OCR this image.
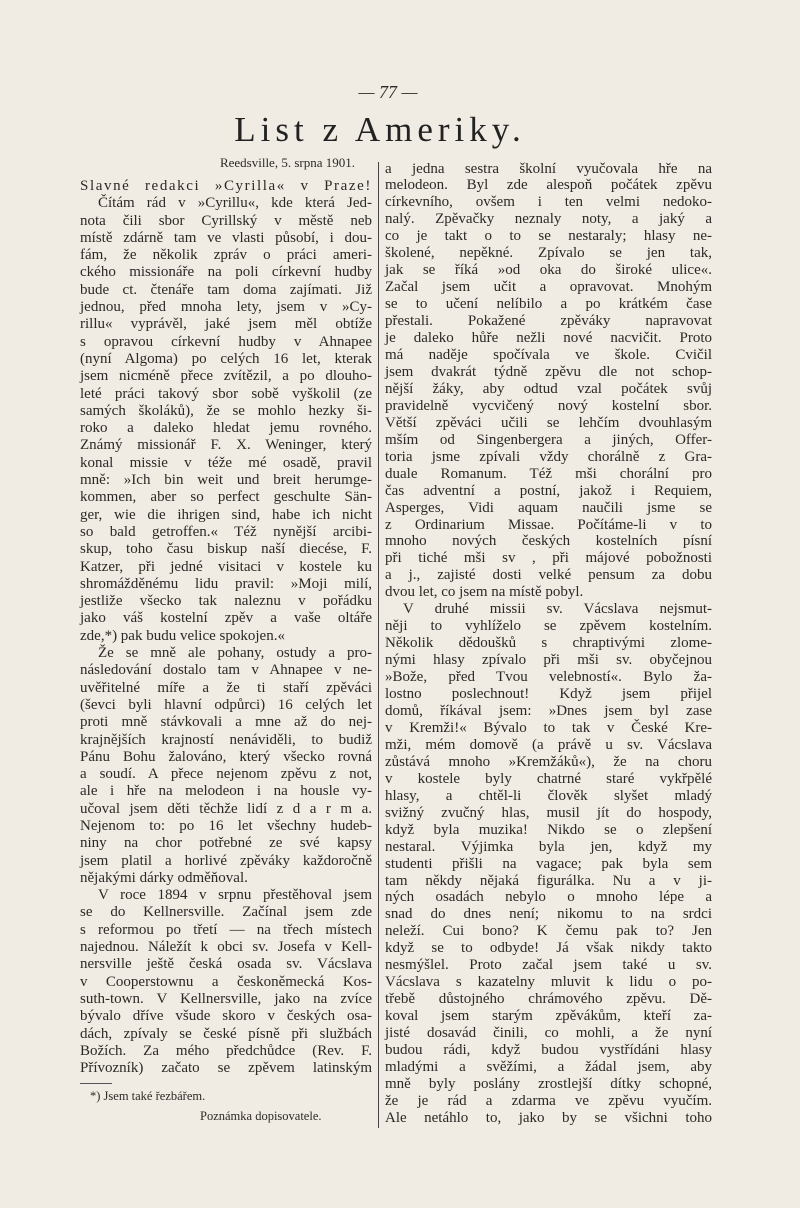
— 77 —
List z Ameriky.
Reedsville, 5. srpna 1901.
Slavné redakci »Cyrilla« v Praze!
Čítám rád v »Cyrillu«, kde která Jed-
nota čili sbor Cyrillský v městě neb
místě zdárně tam ve vlasti působí, i dou-
fám, že několik zpráv o práci ameri-
ckého missionáře na poli církevní hudby
bude ct. čtenáře tam doma zajímati. Již
jednou, před mnoha lety, jsem v »Cy-
rillu« vyprávěl, jaké jsem měl obtíže
s opravou církevní hudby v Ahnapee
(nyní Algoma) po celých 16 let, kterak
jsem nicméně přece zvítězil, a po dlouho-
leté práci takový sbor sobě vyškolil (ze
samých školáků), že se mohlo hezky ši-
roko a daleko hledat jemu rovného.
Známý missionář F. X. Weninger, který
konal missie v téže mé osadě, pravil
mně: »Ich bin weit und breit herumge-
kommen, aber so perfect geschulte Sän-
ger, wie die ihrigen sind, habe ich nicht
so bald getroffen.« Též nynější arcibi-
skup, toho času biskup naší diecése, F.
Katzer, při jedné visitaci v kostele ku
shromážděnému lidu pravil: »Moji milí,
jestliže všecko tak naleznu v pořádku
jako váš kostelní zpěv a vaše oltáře
zde,*) pak budu velice spokojen.«
Že se mně ale pohany, ostudy a pro-
následování dostalo tam v Ahnapee v ne-
uvěřitelné míře a že ti staří zpěváci
(ševci byli hlavní odpůrci) 16 celých let
proti mně stávkovali a mne až do nej-
krajnějších krajností nenáviděli, to budiž
Pánu Bohu žalováno, který všecko rovná
a soudí. A přece nejenom zpěvu z not,
ale i hře na melodeon i na housle vy-
učoval jsem děti těchže lidí z d a r m a.
Nejenom to: po 16 let všechny hudeb-
niny na chor potřebné ze své kapsy
jsem platil a horlivé zpěváky každoročně
nějakými dárky odměňoval.
V roce 1894 v srpnu přestěhoval jsem
se do Kellnersville. Začínal jsem zde
s reformou po třetí — na třech místech
najednou. Náležít k obci sv. Josefa v Kell-
nersville ještě česká osada sv. Vácslava
v Cooperstownu a českoněmecká Kos-
suth-town. V Kellnersville, jako na zvíce
bývalo dříve všude skoro v českých osa-
dách, zpívaly se české písně při službách
Božích. Za mého předchůdce (Rev. F.
Přívozník) začato se zpěvem latinským
a jedna sestra školní vyučovala hře na
melodeon. Byl zde alespoň počátek zpěvu
církevního, ovšem i ten velmi nedoko-
nalý. Zpěvačky neznaly noty, a jaký a
co je takt o to se nestaraly; hlasy ne-
školené, nepěkné. Zpívalo se jen tak,
jak se říká »od oka do široké ulice«.
Začal jsem učit a opravovat. Mnohým
se to učení nelíbilo a po krátkém čase
přestali. Pokažené zpěváky napravovat
je daleko hůře nežli nové nacvičit. Proto
má naděje spočívala ve škole. Cvičil
jsem dvakrát týdně zpěvu dle not schop-
nější žáky, aby odtud vzal počátek svůj
pravidelně vycvičený nový kostelní sbor.
Větší zpěváci učili se lehčím dvouhlasým
mším od Singenbergera a jiných, Offer-
toria jsme zpívali vždy chorálně z Gra-
duale Romanum. Též mši chorální pro
čas adventní a postní, jakož i Requiem,
Asperges, Vidi aquam naučili jsme se
z Ordinarium Missae. Počítáme-li v to
mnoho nových českých kostelních písní
při tiché mši sv , při májové pobožnosti
a j., zajisté dosti velké pensum za dobu
dvou let, co jsem na místě pobyl.
V druhé missii sv. Vácslava nejsmut-
něji to vyhlíželo se zpěvem kostelním.
Několik dědoušků s chraptivými zlome-
nými hlasy zpívalo při mši sv. obyčejnou
»Bože, před Tvou velebností«. Bylo ža-
lostno poslechnout! Když jsem přijel
domů, říkával jsem: »Dnes jsem byl zase
v Kremži!« Bývalo to tak v České Kre-
mži, mém domově (a právě u sv. Vácslava
zůstává mnoho »Kremžáků«), že na choru
v kostele byly chatrné staré vykřpělé
hlasy, a chtěl-li člověk slyšet mladý
svižný zvučný hlas, musil jít do hospody,
když byla muzika! Nikdo se o zlepšení
nestaral. Výjimka byla jen, když my
studenti přišli na vagace; pak byla sem
tam někdy nějaká figurálka. Nu a v ji-
ných osadách nebylo o mnoho lépe a
snad do dnes není; nikomu to na srdci
neleží. Cui bono? K čemu pak to? Jen
když se to odbyde! Já však nikdy takto
nesmýšlel. Proto začal jsem také u sv.
Vácslava s kazatelny mluvit k lidu o po-
třebě důstojného chrámového zpěvu. Dě-
koval jsem starým zpěvákům, kteří za-
jisté dosavád činili, co mohli, a že nyní
budou rádi, když budou vystřídáni hlasy
mladými a svěžími, a žádal jsem, aby
mně byly poslány zrostlejší dítky schopné,
že je rád a zdarma ve zpěvu vyučím.
Ale netáhlo to, jako by se všichni toho
*) Jsem také řezbářem.
Poznámka dopisovatele.
